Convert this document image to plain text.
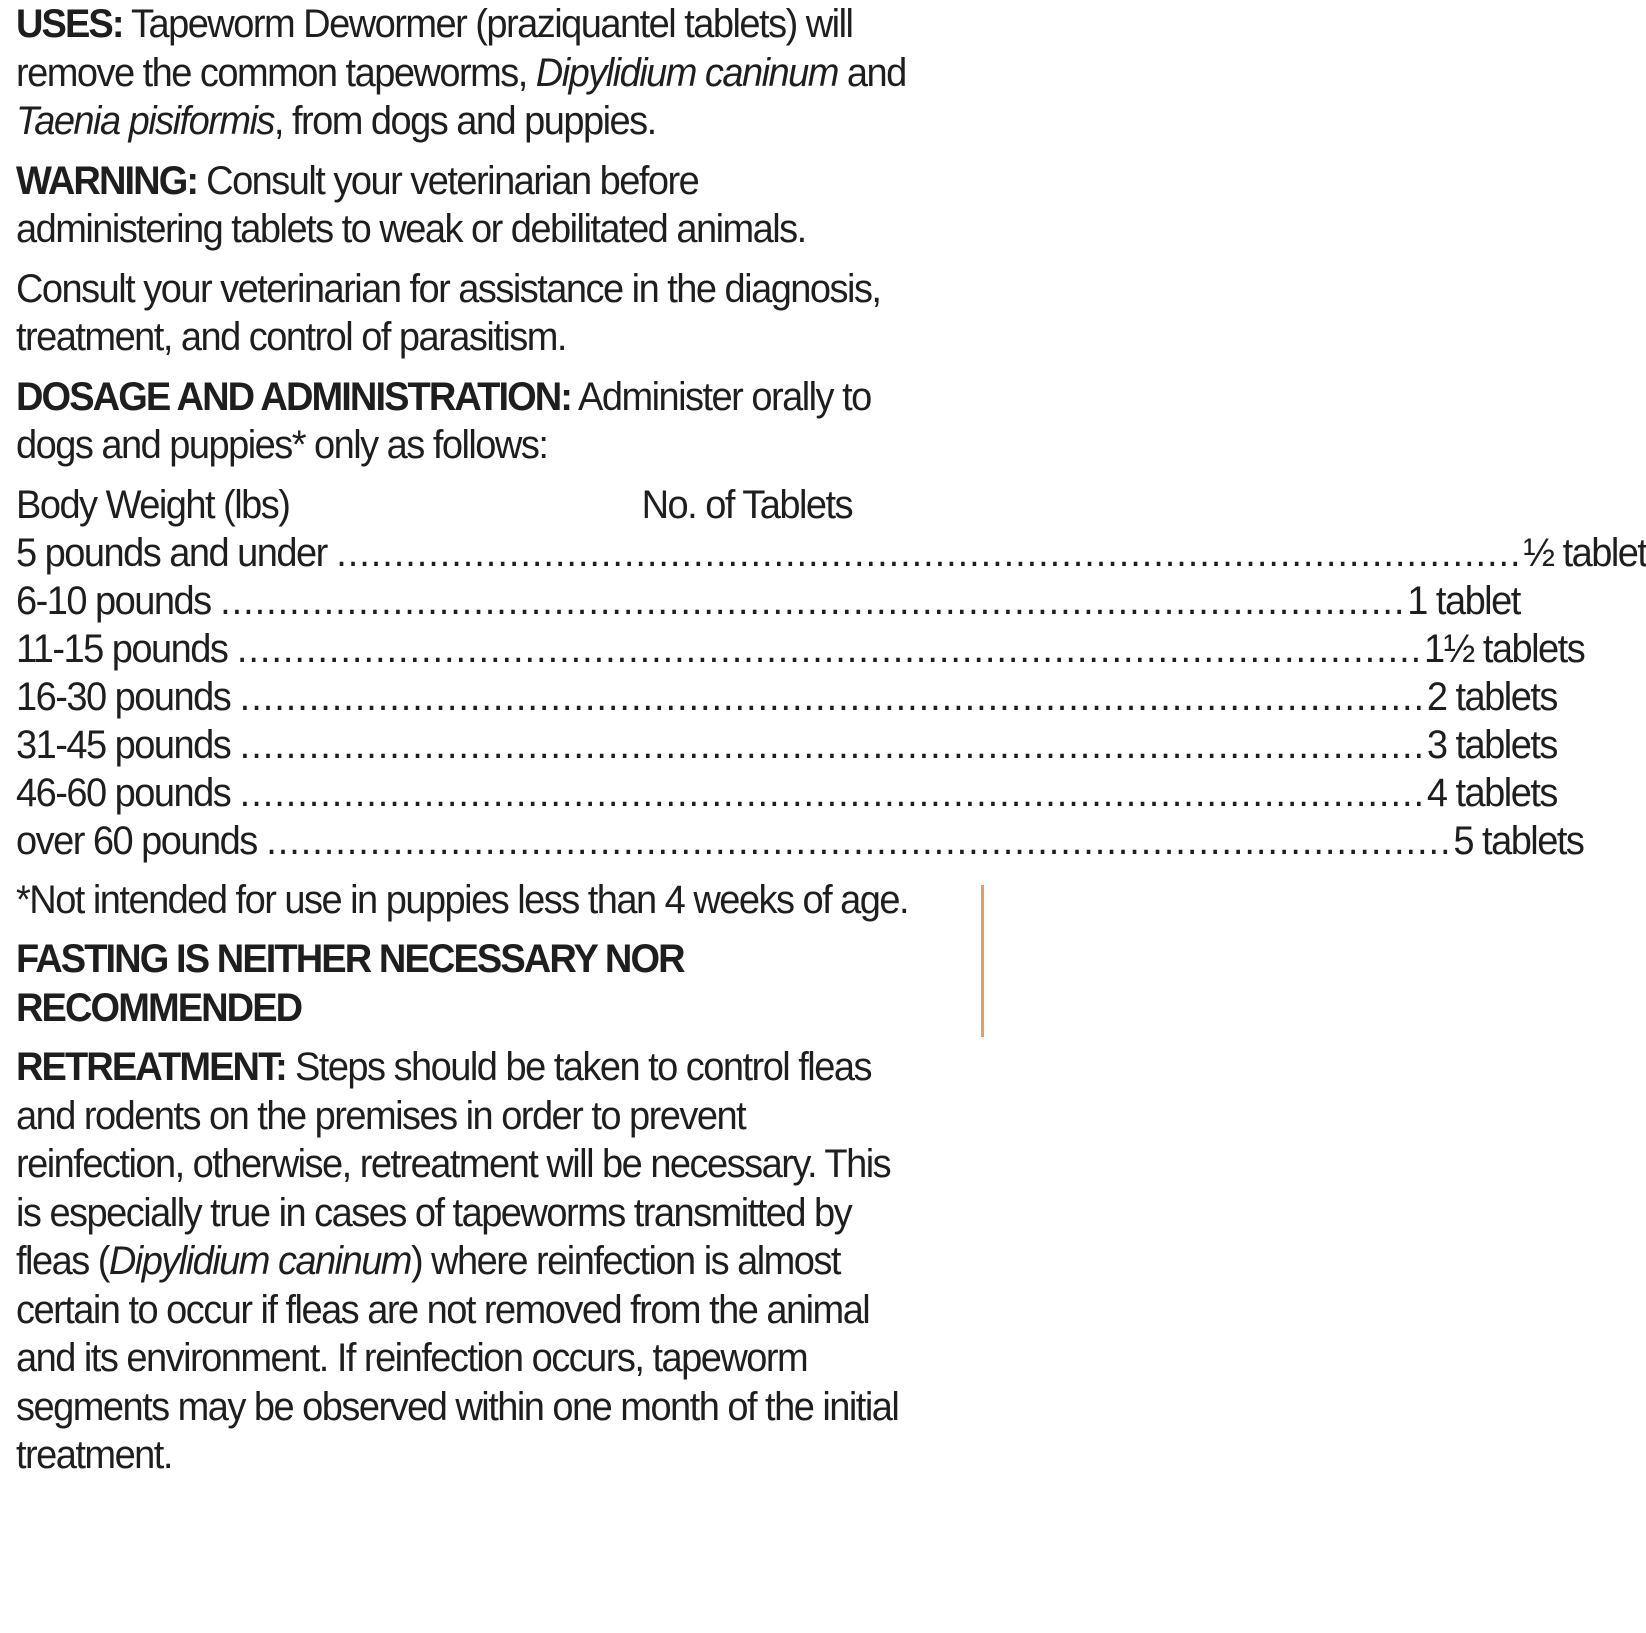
USES: Tapeworm Dewormer (praziquantel tablets) will remove the common tapeworms, Dipylidium caninum and Taenia pisiformis, from dogs and puppies.

WARNING: Consult your veterinarian before administering tablets to weak or debilitated animals.

Consult your veterinarian for assistance in the diagnosis, treatment, and control of parasitism.

DOSAGE AND ADMINISTRATION: Administer orally to dogs and puppies* only as follows:

Body Weight (lbs)	No. of Tablets
5 pounds and under ....................................................................................................... ½ tablet
6-10 pounds ....................................................................................................... 1 tablet
11-15 pounds ....................................................................................................... 1½ tablets
16-30 pounds ....................................................................................................... 2 tablets
31-45 pounds ....................................................................................................... 3 tablets
46-60 pounds ....................................................................................................... 4 tablets
over 60 pounds ....................................................................................................... 5 tablets

*Not intended for use in puppies less than 4 weeks of age.

FASTING IS NEITHER NECESSARY NOR RECOMMENDED

RETREATMENT: Steps should be taken to control fleas and rodents on the premises in order to prevent reinfection, otherwise, retreatment will be necessary. This is especially true in cases of tapeworms transmitted by fleas (Dipylidium caninum) where reinfection is almost certain to occur if fleas are not removed from the animal and its environment. If reinfection occurs, tapeworm segments may be observed within one month of the initial treatment.
